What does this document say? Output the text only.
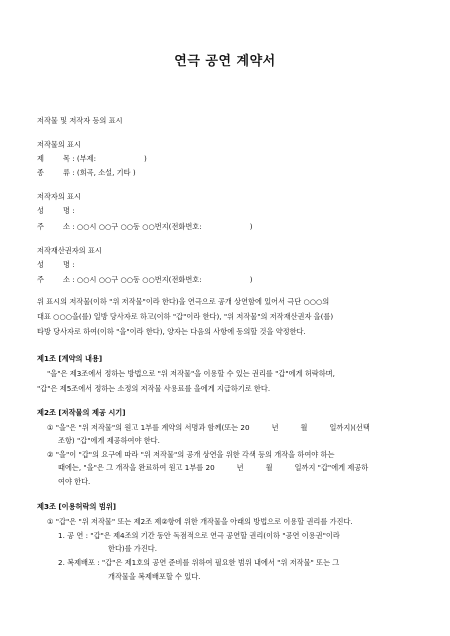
연극 공연 계약서
저작물 및 저작자 등의 표시
저작물의 표시
제	목 : (부제:	)
종	류 : (희곡, 소설, 기타 )
저작자의 표시
성	명 :
주	소 : ○○시 ○○구 ○○동 ○○번지(전화번호:	)
저작재산권자의 표시
성	명 :
주	소 : ○○시 ○○구 ○○동 ○○번지(전화번호:	)
위 표시의 저작물(이하 "위 저작물"이라 한다)을 연극으로 공개 상연함에 있어서 극단 ○○○의
대표 ○○○을(를) 일방 당사자로 하고(이하 "갑"이라 한다), "위 저작물"의 저작재산권자 을(를)
타방 당사자로 하여(이하 "을"이라 한다), 양자는 다음의 사항에 동의할 것을 약정한다.
제1조 [계약의 내용]
"을"은 제3조에서 정하는 방법으로 "위 저작물"을 이용할 수 있는 권리를 "갑"에게 허락하며,
"갑"은 제5조에서 정하는 소정의 저작물 사용료를 을에게 지급하기로 한다.
제2조 [저작물의 제공 시기]
① "을"은 "위 저작물"의 원고 1부를 계약의 서명과 함께(또는 20	년	월	일까지)(선택
조항) "갑"에게 제공하여야 한다.
② "을"이 "갑"의 요구에 따라 "위 저작물"의 공개 상연을 위한 각색 등의 개작을 하여야 하는
때에는, "을"은 그 개작을 완료하여 원고 1부를 20	년	월	일까지 "갑"에게 제공하
여야 한다.
제3조 [이용허락의 범위]
① "갑"은 "위 저작물" 또는 제2조 제②항에 위한 개작물을 아래의 방법으로 이용할 권리를 가진다.
1. 공 연 : "갑"은 제4조의 기간 동안 독점적으로 연극 공연할 권리(이하 "공연 이용권"이라
한다)를 가진다.
2. 복제배포 : "갑"은 제1호의 공연 준비를 위하여 필요한 범위 내에서 "위 저작물" 또는 그
개작물을 복제배포할 수 있다.
